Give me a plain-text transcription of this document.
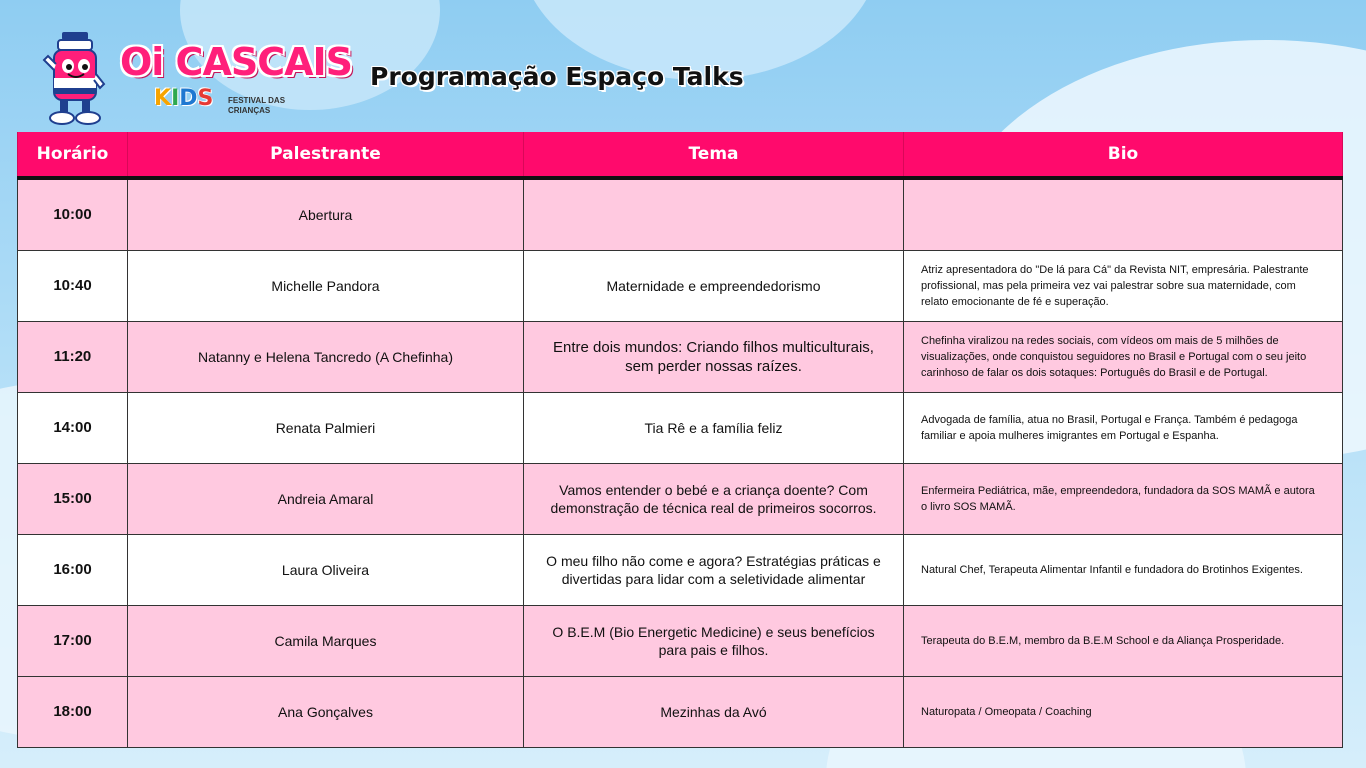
Oi CASCAIS
KIDS FESTIVAL DAS CRIANÇAS
Programação Espaço Talks
Horário	Palestrante	Tema	Bio
10:00	Abertura		
10:40	Michelle Pandora	Maternidade e empreendedorismo	Atriz apresentadora do "De lá para Cá" da Revista NIT, empresária. Palestrante profissional, mas pela primeira vez vai palestrar sobre sua maternidade, com relato emocionante de fé e superação.
11:20	Natanny e Helena Tancredo (A Chefinha)	Entre dois mundos: Criando filhos multiculturais, sem perder nossas raízes.	Chefinha viralizou na redes sociais, com vídeos om mais de 5 milhões de visualizações, onde conquistou seguidores no Brasil e Portugal com o seu jeito carinhoso de falar os dois sotaques: Português do Brasil e de Portugal.
14:00	Renata Palmieri	Tia Rê e a família feliz	Advogada de família, atua no Brasil, Portugal e França. Também é pedagoga familiar e apoia mulheres imigrantes em Portugal e Espanha.
15:00	Andreia Amaral	Vamos entender o bebé e a criança doente? Com demonstração de técnica real de primeiros socorros.	Enfermeira Pediátrica, mãe, empreendedora, fundadora da SOS MAMÃ e autora o livro SOS MAMÃ.
16:00	Laura Oliveira	O meu filho não come e agora? Estratégias práticas e divertidas para lidar com a seletividade alimentar	Natural Chef, Terapeuta Alimentar Infantil e fundadora do Brotinhos Exigentes.
17:00	Camila Marques	O B.E.M (Bio Energetic Medicine) e seus benefícios para pais e filhos.	Terapeuta do B.E.M, membro da B.E.M School e da Aliança Prosperidade.
18:00	Ana Gonçalves	Mezinhas da Avó	Naturopata / Omeopata / Coaching
